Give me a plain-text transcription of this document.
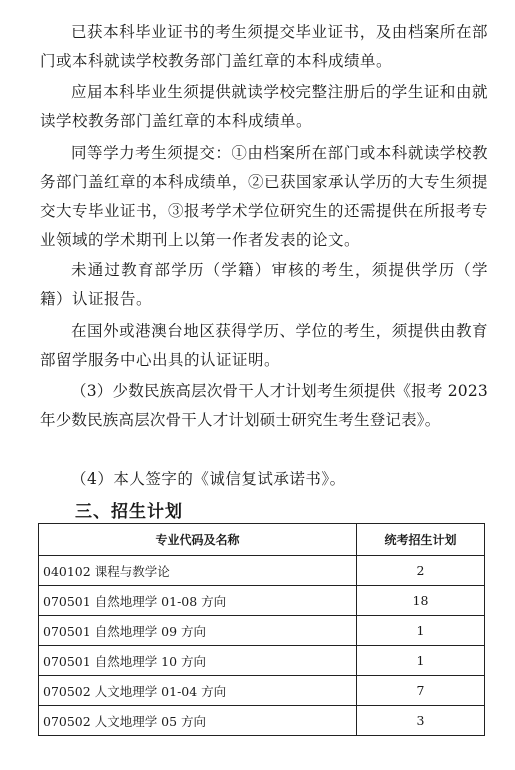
已获本科毕业证书的考生须提交毕业证书，及由档案所在部门或本科就读学校教务部门盖红章的本科成绩单。
应届本科毕业生须提供就读学校完整注册后的学生证和由就读学校教务部门盖红章的本科成绩单。
同等学力考生须提交：①由档案所在部门或本科就读学校教务部门盖红章的本科成绩单，②已获国家承认学历的大专生须提交大专毕业证书，③报考学术学位研究生的还需提供在所报考专业领域的学术期刊上以第一作者发表的论文。
未通过教育部学历（学籍）审核的考生，须提供学历（学籍）认证报告。
在国外或港澳台地区获得学历、学位的考生，须提供由教育部留学服务中心出具的认证证明。
（3）少数民族高层次骨干人才计划考生须提供《报考 2023 年少数民族高层次骨干人才计划硕士研究生考生登记表》。
（4）本人签字的《诚信复试承诺书》。
三、招生计划
专业代码及名称	统考招生计划
040102 课程与教学论	2
070501 自然地理学 01-08 方向	18
070501 自然地理学 09 方向	1
070501 自然地理学 10 方向	1
070502 人文地理学 01-04 方向	7
070502 人文地理学 05 方向	3
